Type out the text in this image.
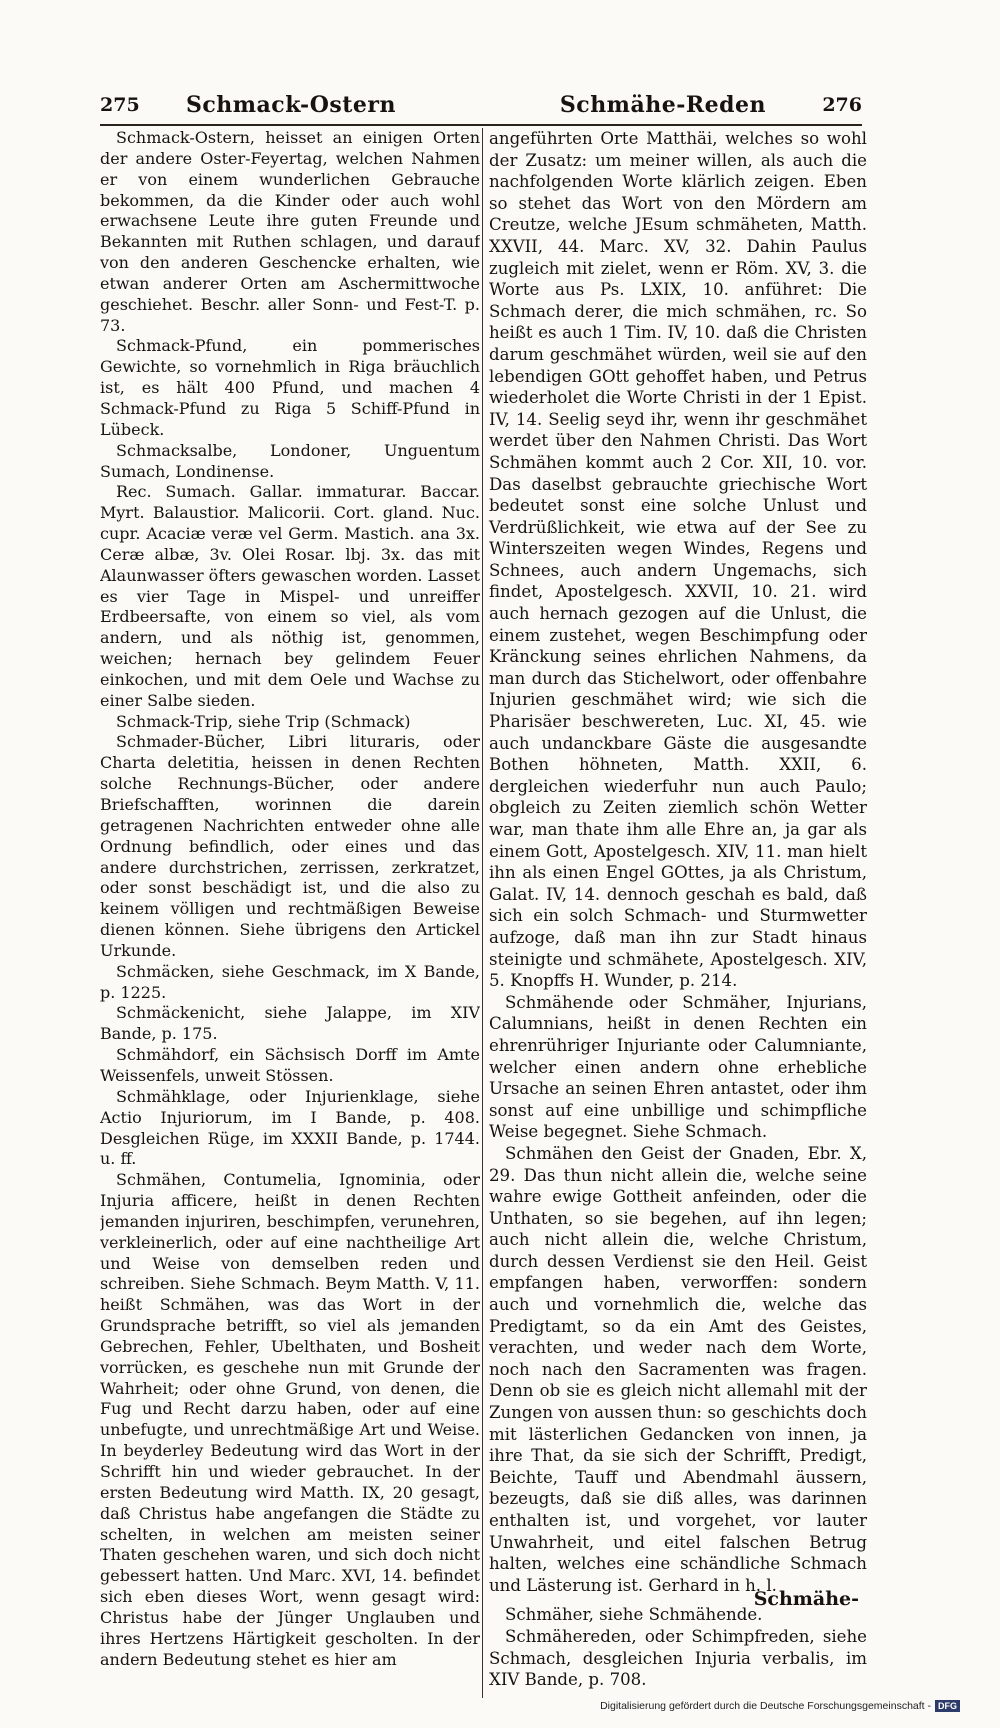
275 Schmack-Ostern	Schmähe-Reden	276

Schmack-Ostern, heisset an einigen Orten der andere Oster-Feyertag, welchen Nahmen er von einem wunderlichen Gebrauche bekommen, da die Kinder oder auch wohl erwachsene Leute ihre guten Freunde und Bekannten mit Ruthen schlagen, und darauf von den anderen Geschencke erhalten, wie etwan anderer Orten am Aschermittwoche geschiehet. Beschr. aller Sonn- und Fest-T. p. 73.

Schmack-Pfund, ein pommerisches Gewichte, so vornehmlich in Riga bräuchlich ist, es hält 400 Pfund, und machen 4 Schmack-Pfund zu Riga 5 Schiff-Pfund in Lübeck.

Schmacksalbe, Londoner, Unguentum Sumach, Londinense.

Rec. Sumach. Gallar. immaturar. Baccar. Myrt. Balaustior. Malicorii. Cort. gland. Nuc. cupr. Acaciæ veræ vel Germ. Mastich. ana 3x. Ceræ albæ, 3v. Olei Rosar. lbj. 3x. das mit Alaunwasser öfters gewaschen worden. Lasset es vier Tage in Mispel- und unreiffer Erdbeersafte, von einem so viel, als vom andern, und als nöthig ist, genommen, weichen; hernach bey gelindem Feuer einkochen, und mit dem Oele und Wachse zu einer Salbe sieden.

Schmack-Trip, siehe Trip (Schmack)

Schmader-Bücher, Libri lituraris, oder Charta deletitia, heissen in denen Rechten solche Rechnungs-Bücher, oder andere Briefschafften, worinnen die darein getragenen Nachrichten entweder ohne alle Ordnung befindlich, oder eines und das andere durchstrichen, zerrissen, zerkratzet, oder sonst beschädigt ist, und die also zu keinem völligen und rechtmäßigen Beweise dienen können. Siehe übrigens den Artickel Urkunde.

Schmäcken, siehe Geschmack, im X Bande, p. 1225.

Schmäckenicht, siehe Jalappe, im XIV Bande, p. 175.

Schmähdorf, ein Sächsisch Dorff im Amte Weissenfels, unweit Stössen.

Schmähklage, oder Injurienklage, siehe Actio Injuriorum, im I Bande, p. 408. Desgleichen Rüge, im XXXII Bande, p. 1744. u. ff.

Schmähen, Contumelia, Ignominia, oder Injuria afficere, heißt in denen Rechten jemanden injuriren, beschimpfen, verunehren, verkleinerlich, oder auf eine nachtheilige Art und Weise von demselben reden und schreiben. Siehe Schmach. Beym Matth. V, 11. heißt Schmähen, was das Wort in der Grundsprache betrifft, so viel als jemanden Gebrechen, Fehler, Ubelthaten, und Bosheit vorrücken, es geschehe nun mit Grunde der Wahrheit; oder ohne Grund, von denen, die Fug und Recht darzu haben, oder auf eine unbefugte, und unrechtmäßige Art und Weise. In beyderley Bedeutung wird das Wort in der Schrifft hin und wieder gebrauchet. In der ersten Bedeutung wird Matth. IX, 20 gesagt, daß Christus habe angefangen die Städte zu schelten, in welchen am meisten seiner Thaten geschehen waren, und sich doch nicht gebessert hatten. Und Marc. XVI, 14. befindet sich eben dieses Wort, wenn gesagt wird: Christus habe der Jünger Unglauben und ihres Hertzens Härtigkeit gescholten. In der andern Bedeutung stehet es hier am

angeführten Orte Matthäi, welches so wohl der Zusatz: um meiner willen, als auch die nachfolgenden Worte klärlich zeigen. Eben so stehet das Wort von den Mördern am Creutze, welche JEsum schmäheten, Matth. XXVII, 44. Marc. XV, 32. Dahin Paulus zugleich mit zielet, wenn er Röm. XV, 3. die Worte aus Ps. LXIX, 10. anführet: Die Schmach derer, die mich schmähen, rc. So heißt es auch 1 Tim. IV, 10. daß die Christen darum geschmähet würden, weil sie auf den lebendigen GOtt gehoffet haben, und Petrus wiederholet die Worte Christi in der 1 Epist. IV, 14. Seelig seyd ihr, wenn ihr geschmähet werdet über den Nahmen Christi. Das Wort Schmähen kommt auch 2 Cor. XII, 10. vor. Das daselbst gebrauchte griechische Wort bedeutet sonst eine solche Unlust und Verdrüßlichkeit, wie etwa auf der See zu Winterszeiten wegen Windes, Regens und Schnees, auch andern Ungemachs, sich findet, Apostelgesch. XXVII, 10. 21. wird auch hernach gezogen auf die Unlust, die einem zustehet, wegen Beschimpfung oder Kränckung seines ehrlichen Nahmens, da man durch das Stichelwort, oder offenbahre Injurien geschmähet wird; wie sich die Pharisäer beschwereten, Luc. XI, 45. wie auch undanckbare Gäste die ausgesandte Bothen höhneten, Matth. XXII, 6. dergleichen wiederfuhr nun auch Paulo; obgleich zu Zeiten ziemlich schön Wetter war, man thate ihm alle Ehre an, ja gar als einem Gott, Apostelgesch. XIV, 11. man hielt ihn als einen Engel GOttes, ja als Christum, Galat. IV, 14. dennoch geschah es bald, daß sich ein solch Schmach- und Sturmwetter aufzoge, daß man ihn zur Stadt hinaus steinigte und schmähete, Apostelgesch. XIV, 5. Knopffs H. Wunder, p. 214.

Schmähende oder Schmäher, Injurians, Calumnians, heißt in denen Rechten ein ehrenrühriger Injuriante oder Calumniante, welcher einen andern ohne erhebliche Ursache an seinen Ehren antastet, oder ihm sonst auf eine unbillige und schimpfliche Weise begegnet. Siehe Schmach.

Schmähen den Geist der Gnaden, Ebr. X, 29. Das thun nicht allein die, welche seine wahre ewige Gottheit anfeinden, oder die Unthaten, so sie begehen, auf ihn legen; auch nicht allein die, welche Christum, durch dessen Verdienst sie den Heil. Geist empfangen haben, verworffen: sondern auch und vornehmlich die, welche das Predigtamt, so da ein Amt des Geistes, verachten, und weder nach dem Worte, noch nach den Sacramenten was fragen. Denn ob sie es gleich nicht allemahl mit der Zungen von aussen thun: so geschichts doch mit lästerlichen Gedancken von innen, ja ihre That, da sie sich der Schrifft, Predigt, Beichte, Tauff und Abendmahl äussern, bezeugts, daß sie diß alles, was darinnen enthalten ist, und vorgehet, vor lauter Unwahrheit, und eitel falschen Betrug halten, welches eine schändliche Schmach und Lästerung ist. Gerhard in h. l.

Schmäher, siehe Schmähende.

Schmähereden, oder Schimpfreden, siehe Schmach, desgleichen Injuria verbalis, im XIV Bande, p. 708.

Schmähe-
Digitalisierung gefördert durch die Deutsche Forschungsgemeinschaft - DFG
